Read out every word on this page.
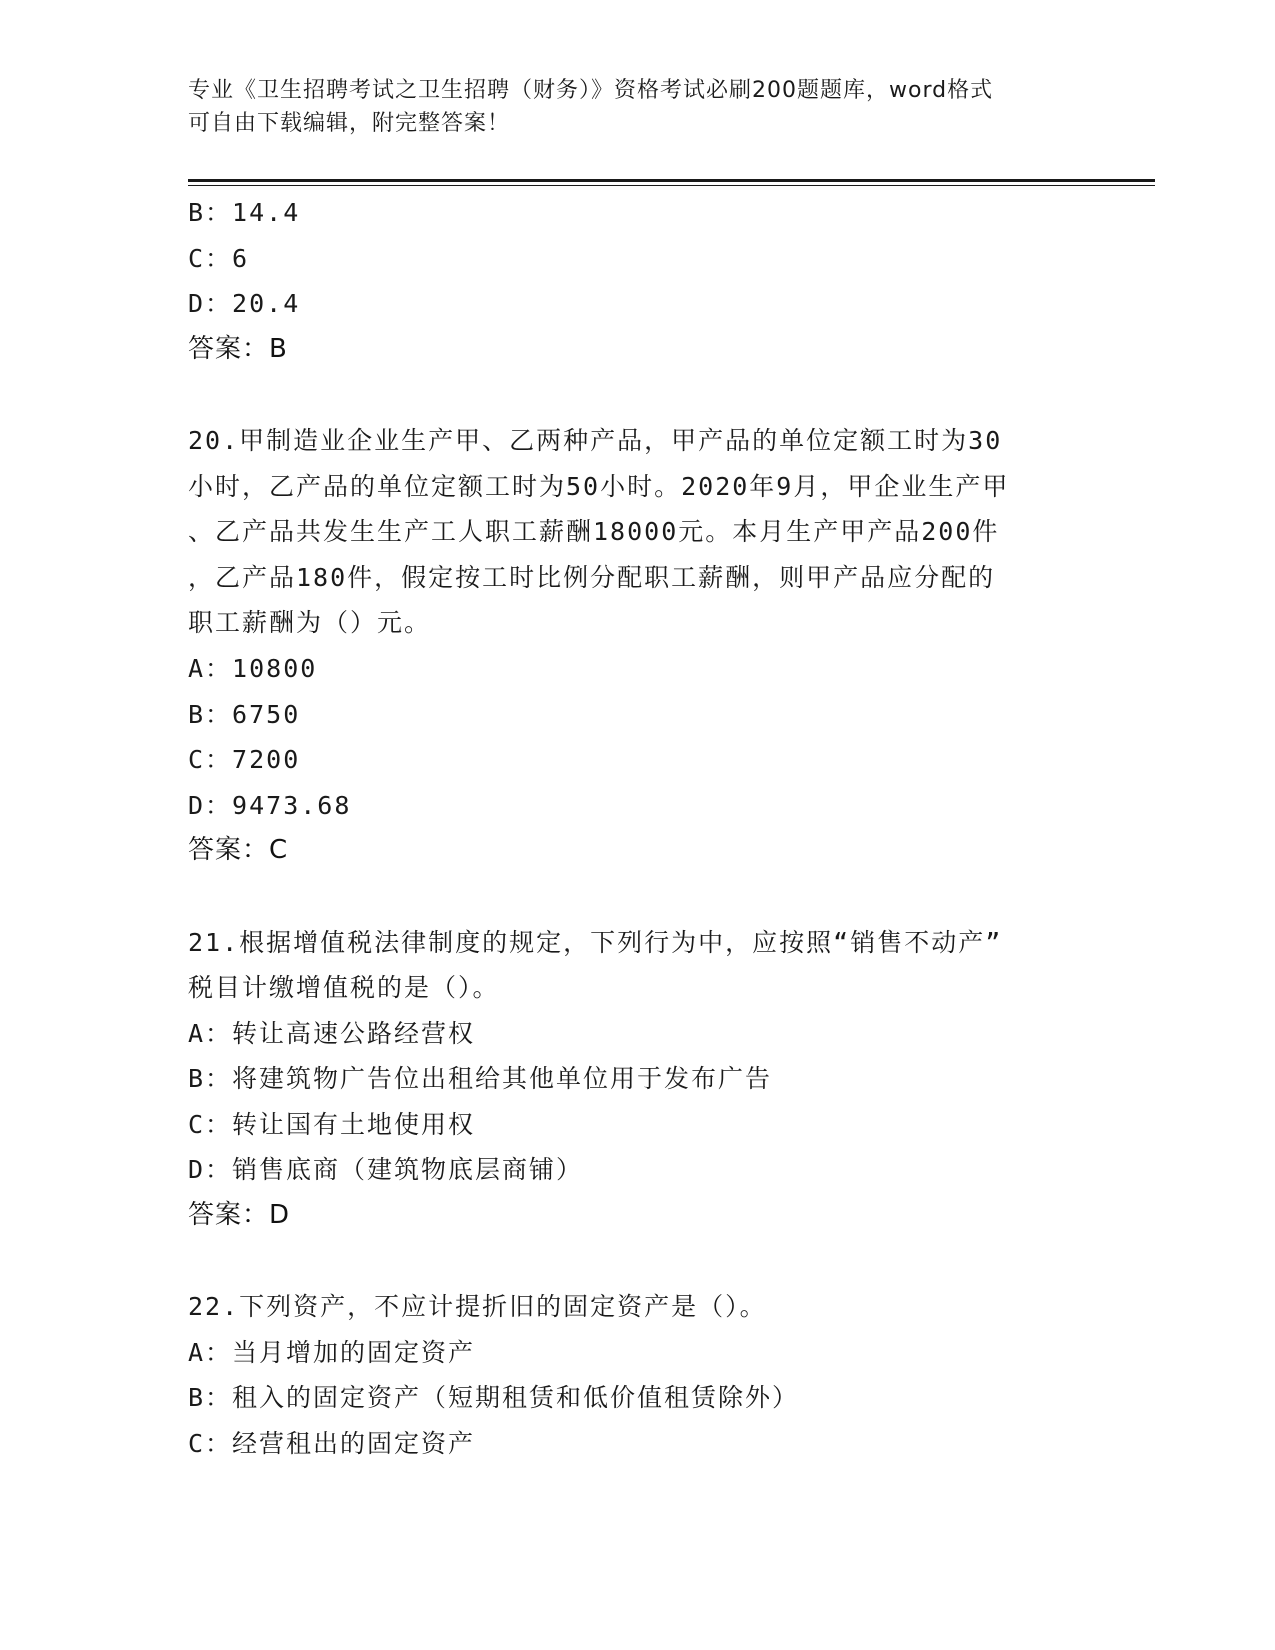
专业《卫生招聘考试之卫生招聘（财务）》资格考试必刷200题题库，word格式
可自由下载编辑，附完整答案！
B：14.4
C：6
D：20.4
答案：B
20.甲制造业企业生产甲、乙两种产品，甲产品的单位定额工时为30
小时，乙产品的单位定额工时为50小时。2020年9月，甲企业生产甲
、乙产品共发生生产工人职工薪酬18000元。本月生产甲产品200件
，乙产品180件，假定按工时比例分配职工薪酬，则甲产品应分配的
职工薪酬为（）元。
A：10800
B：6750
C：7200
D：9473.68
答案：C
21.根据增值税法律制度的规定，下列行为中，应按照“销售不动产”
税目计缴增值税的是（）。
A：转让高速公路经营权
B：将建筑物广告位出租给其他单位用于发布广告
C：转让国有土地使用权
D：销售底商（建筑物底层商铺）
答案：D
22.下列资产，不应计提折旧的固定资产是（）。
A：当月增加的固定资产
B：租入的固定资产（短期租赁和低价值租赁除外）
C：经营租出的固定资产
